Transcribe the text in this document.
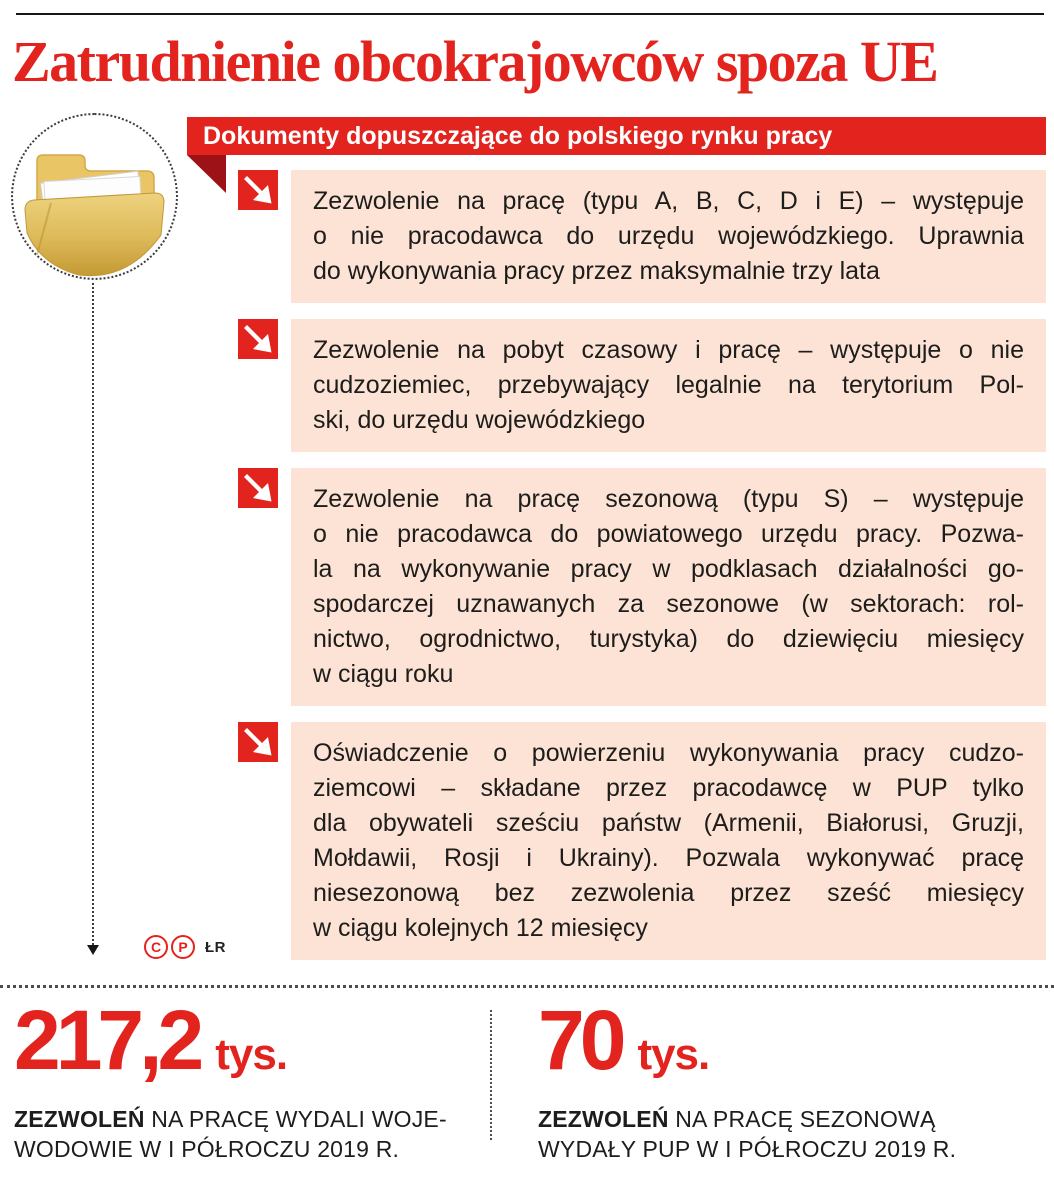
Zatrudnienie obcokrajowców spoza UE
Dokumenty dopuszczające do polskiego rynku pracy
Zezwolenie na pracę (typu A, B, C, D i E) – występuje
o nie pracodawca do urzędu wojewódzkiego. Uprawnia
do wykonywania pracy przez maksymalnie trzy lata
Zezwolenie na pobyt czasowy i pracę – występuje o nie
cudzoziemiec, przebywający legalnie na terytorium Pol-
ski, do urzędu wojewódzkiego
Zezwolenie na pracę sezonową (typu S) – występuje
o nie pracodawca do powiatowego urzędu pracy. Pozwa-
la na wykonywanie pracy w podklasach działalności go-
spodarczej uznawanych za sezonowe (w sektorach: rol-
nictwo, ogrodnictwo, turystyka) do dziewięciu miesięcy
w ciągu roku
Oświadczenie o powierzeniu wykonywania pracy cudzo-
ziemcowi – składane przez pracodawcę w PUP tylko
dla obywateli sześciu państw (Armenii, Białorusi, Gruzji,
Mołdawii, Rosji i Ukrainy). Pozwala wykonywać pracę
niesezonową bez zezwolenia przez sześć miesięcy
w ciągu kolejnych 12 miesięcy
C	P	ŁR
217,2 tys.
ZEZWOLEŃ NA PRACĘ WYDALI WOJE-
WODOWIE W I PÓŁROCZU 2019 R.
70 tys.
ZEZWOLEŃ NA PRACĘ SEZONOWĄ
WYDAŁY PUP W I PÓŁROCZU 2019 R.
